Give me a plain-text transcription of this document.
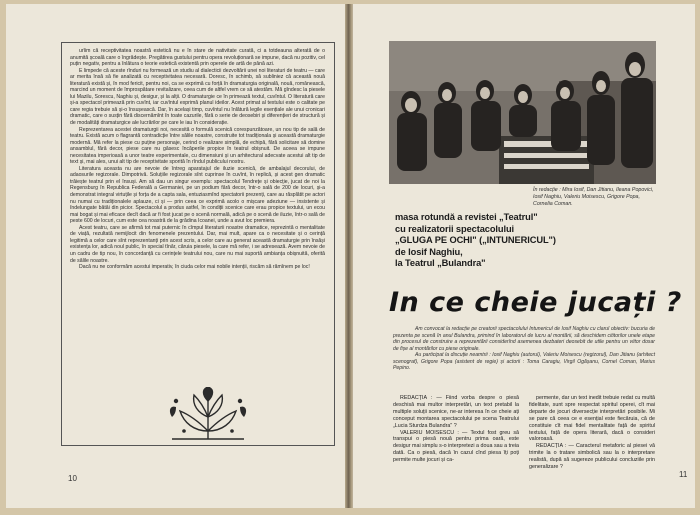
urîim că receptivitatea noastră estetică nu e în stare de nativitate curată, ci a totdeauna alterată de o anumită școală care o îngrădește. Pregătirea gustului pentru opera revoluționară se impune, dacă nu pozitiv, cel puțin negativ, pentru a înlătura o teorie estetică existentă prin operele de artă de până azi.

E limpede că aceste rînduri nu formează un studiu al dialecticii dezvoltării unei noi literaturi de teatru — care ar merita însă să fie analizată cu receptivitatea necesară. Doresc, în schimb, să subliniez că această nouă literatură există și, în mod fericit, pentru noi, ca se exprimă cu forță în dramaturgia originală, nouă, românească, marcind un moment de împrospătare revitalizare, ceea cum de altfel vrem ce să atestăm. Mă gîndesc la piesele lui Mazilu, Sorescu, Naghiu și, desigur, și la alții. O dramaturgie ce în primează textul, cuvîntul. O literatură care și-a spectacol primează prin cuvînt, iar cuvîntul exprimă planul ideilor. Acest primat al textului este o calitate pe care regia trebuie să și-o însușească. Dar, în același timp, cuvîntul nu înlătură legile esențiale ale unui cronicari dramatic, care o susțin fără discernămînt în toate cazurile, fără o serie de deosebiri și diferențieri de structură și de modalități dramaturgice ale lucrărilor pe care le iau în considerație.

Reprezentarea acestei dramaturgii noi, necesită o formulă scenică corespunzătoare, un nou tip de sală de teatru. Există acum o flagrantă contradicție între sălile noastre, construite tot tradiționala și această dramaturgie modernă. Mă refer la piese cu puține personaje, cerind o realizare simplă, de echipă, fără solicitare să domine ansamblul, fără decor, piese care nu găsesc încăperile propice în teatrul obișnuit. De aceea se impune necesitatea imperioasă a unor teatre experimentale, cu dimensiuni și un arhitectural adecvate acestui alt tip de text și, mai ales, unui alt tip de receptivitate sporită în rîndul publicului nostru.

Literatura aceasta nu are nevoie de întreg aparatajul de iluzie scenică, de ambalajul decorului, de adaosurile regizorale. Dimpotrivă. Soluțiile regizorale sînt cuprinse în cuvînt, în replică, și acest gen dramatic trăiește teatrul prin el însuși. Am să dau un singur exemplu: spectacolul Tendrețe și obiecție, jucat de noi la Regensburg în Republica Federală a Germaniei, pe un podium fără decor, într-o sală de 200 de locuri, și-a demonstrat integral virtuțile și forța de a capta sala, entuziasmînd spectatorii prezenți, care au răsplătit pe actori nu numai cu tradiționalele aplauze, ci și — prin ceea ce exprimă acolo o mișcare adeziune — insistente și îndelungate bătăi din picior. Spectacolul a produs astfel, în condiții scenice care erau propice textului, un ecou mai bogat și mai eficace decît dacă ar fi fost jucat pe o scenă normală, adică pe o scenă de iluzie, într-o sală de peste 600 de locuri, cum este cea noastră de la grădina Icoanei, unde a avut loc premiera.

Acest teatru, care se afirmă tot mai puternic în cîmpul literaturii noastre dramatice, reprezintă o mentalitate de viață, rezultată nemijlocit din fenomenele prezentului. Dar, mai mult, apare ca o necesitate și o cerință legitimă a celor care sînt reprezentanți prin acest scris, a celor care au generat această dramaturgie prin însăși existența lor, adică noul public, în special tînăr, căruia piesele, la care mă refer, i se adresează. Avem nevoie de un cadru de tip nou, în concordanță cu cerințele teatrului nou, care nu mai suportă ambianța obișnuită, oferită de sălile noastre.

Dacă nu ne conformăm acestui imperativ, în ciuda celor mai nobile intenții, riscăm să rămînem pe loc!

10
În redacție : Mira Iosif, Dan Jitianu, Ileana Popovici, Iosif Naghiu, Valeriu Moisescu, Grigore Popa, Cornelia Coman.
masa rotundă a revistei „Teatrul"
cu realizatorii spectacolului
„GLUGA PE OCHI" („INTUNERICUL")
de Iosif Naghiu,
la Teatrul „Bulandra"
In ce cheie jucați ?

Am convocat la redacție pe creatorii spectacolului Intunericul de Iosif Naghiu cu clarul obiectiv: bucuria de prezenta pe scenă în anul Bulandra, primind în laboratorul de lucru al montării, să deschidem cititorilor unele etape din procesul de construire a reprezentării considerînd asemenea dezbateri deosebit de utile pentru un viitor dosar de fișe al montărilor cu piese originale.

Au participat la discuție neamtrii : Iosif Naghiu (autorul), Valeriu Moisescu (regizorul), Dan Jitianu (arhitect scenograf), Grigore Popa (asistent de regie) și actorii : Toma Caragiu, Virgil Ogășanu, Cornel Coman, Marius Pepino.

REDACȚIA : — Fiind vorba despre o piesă deschisă mai multor interpretări, un text pretabil la multiple soluții scenice, ne-ar interesa în ce cheie ați conceput montarea spectacolului pe scena Teatrului „Lucia Sturdza Bulandra" ?

VALERIU MOISESCU : — Textul fost greu să transpui o piesă nouă pentru prima oară, este desigur mai simplu s-o interpretezi a doua sau a treia dată. Ca o piesă, dacă în cazul cînd piesa îți poți permite multe jocuri și ca-

permente, dar un text inedit trebuie redat cu multă fidelitate, sunt spre respectat spiritul operei, cît mai departe de jocuri diversecție interpretări posibile. Mi se pare că ceea ce e esențial este fiecăruia, că de constituie cît mai fidel mentalitate față de spiritul textului, față de opera literară, dacă o consideri valoroasă.

REDACȚIA : — Caracterul metaforic al piesei vă trimite la o tratare simbolică sau la o interpretare realistă, după să sugereze publicului concluziile prin generalizare ?

11
